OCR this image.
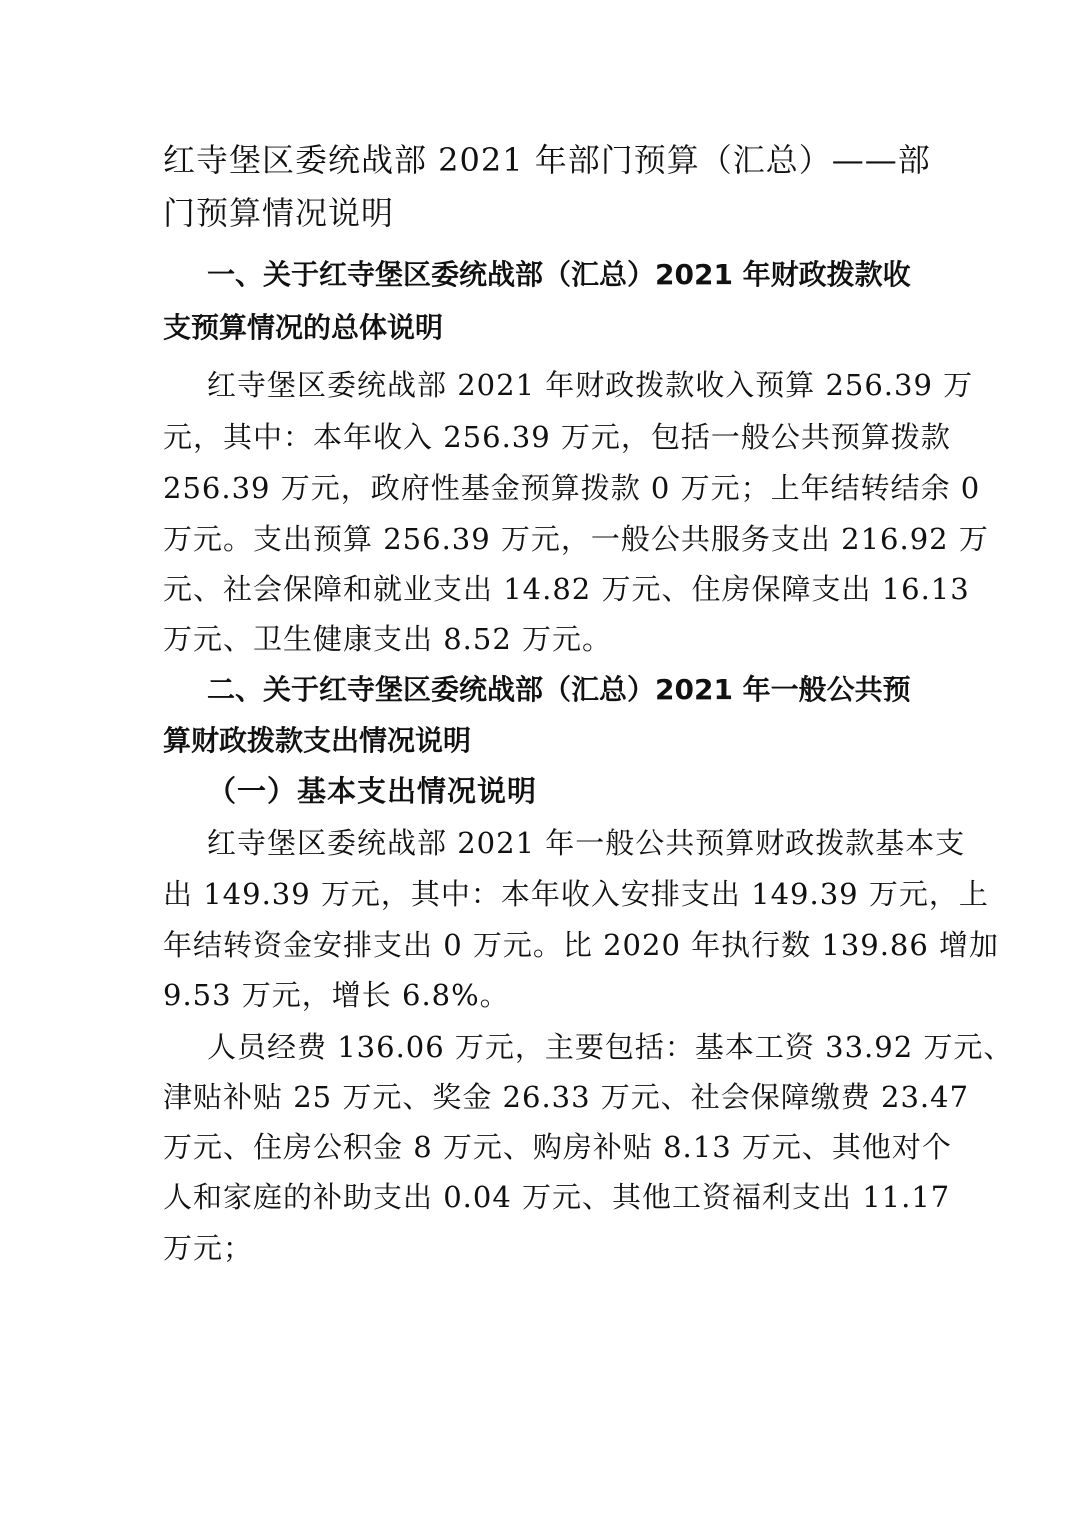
红寺堡区委统战部 2021 年部门预算（汇总）——部
门预算情况说明
一、关于红寺堡区委统战部（汇总）2021 年财政拨款收
支预算情况的总体说明
红寺堡区委统战部 2021 年财政拨款收入预算 256.39 万
元，其中：本年收入 256.39 万元，包括一般公共预算拨款
256.39 万元，政府性基金预算拨款 0 万元；上年结转结余 0
万元。支出预算 256.39 万元，一般公共服务支出 216.92 万
元、社会保障和就业支出 14.82 万元、住房保障支出 16.13
万元、卫生健康支出 8.52 万元。
二、关于红寺堡区委统战部（汇总）2021 年一般公共预
算财政拨款支出情况说明
（一）基本支出情况说明
红寺堡区委统战部 2021 年一般公共预算财政拨款基本支
出 149.39 万元，其中：本年收入安排支出 149.39 万元，上
年结转资金安排支出 0 万元。比 2020 年执行数 139.86 增加
9.53 万元，增长 6.8%。
人员经费 136.06 万元，主要包括：基本工资 33.92 万元、
津贴补贴 25 万元、奖金 26.33 万元、社会保障缴费 23.47
万元、住房公积金 8 万元、购房补贴 8.13 万元、其他对个
人和家庭的补助支出 0.04 万元、其他工资福利支出 11.17
万元；
